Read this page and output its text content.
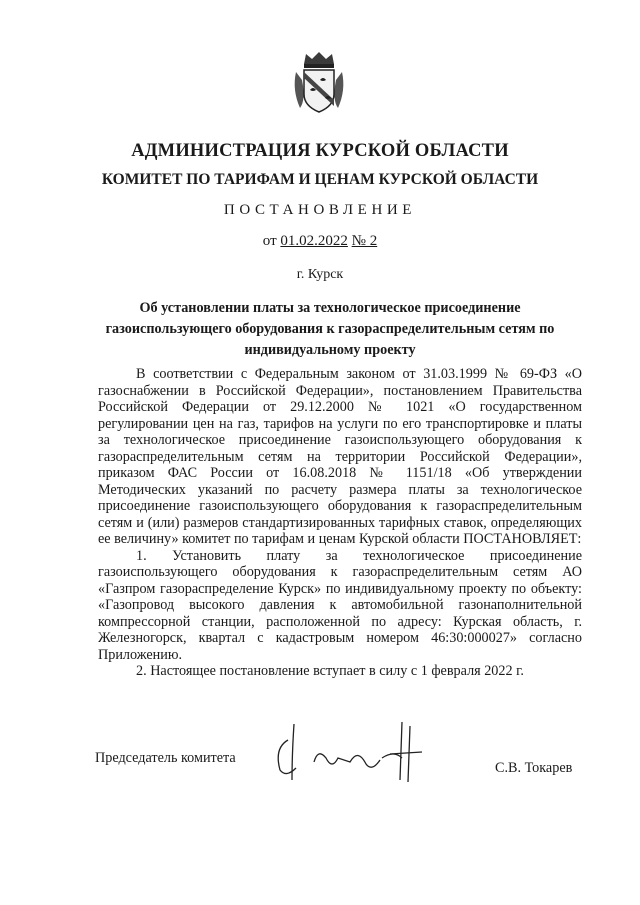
АДМИНИСТРАЦИЯ КУРСКОЙ ОБЛАСТИ
КОМИТЕТ ПО ТАРИФАМ И ЦЕНАМ КУРСКОЙ ОБЛАСТИ
ПОСТАНОВЛЕНИЕ
от 01.02.2022 № 2
г. Курск
Об установлении платы за технологическое присоединение газоиспользующего оборудования к газораспределительным сетям по индивидуальному проекту

В соответствии с Федеральным законом от 31.03.1999 № 69-ФЗ «О газоснабжении в Российской Федерации», постановлением Правительства Российской Федерации от 29.12.2000 № 1021 «О государственном регулировании цен на газ, тарифов на услуги по его транспортировке и платы за технологическое присоединение газоиспользующего оборудования к газораспределительным сетям на территории Российской Федерации», приказом ФАС России от 16.08.2018 № 1151/18 «Об утверждении Методических указаний по расчету размера платы за технологическое присоединение газоиспользующего оборудования к газораспределительным сетям и (или) размеров стандартизированных тарифных ставок, определяющих ее величину» комитет по тарифам и ценам Курской области ПОСТАНОВЛЯЕТ:

1. Установить плату за технологическое присоединение газоиспользующего оборудования к газораспределительным сетям АО «Газпром газораспределение Курск» по индивидуальному проекту по объекту: «Газопровод высокого давления к автомобильной газонаполнительной компрессорной станции, расположенной по адресу: Курская область, г. Железногорск, квартал с кадастровым номером 46:30:000027» согласно Приложению.

2. Настоящее постановление вступает в силу с 1 февраля 2022 г.

Председатель комитета
С.В. Токарев
